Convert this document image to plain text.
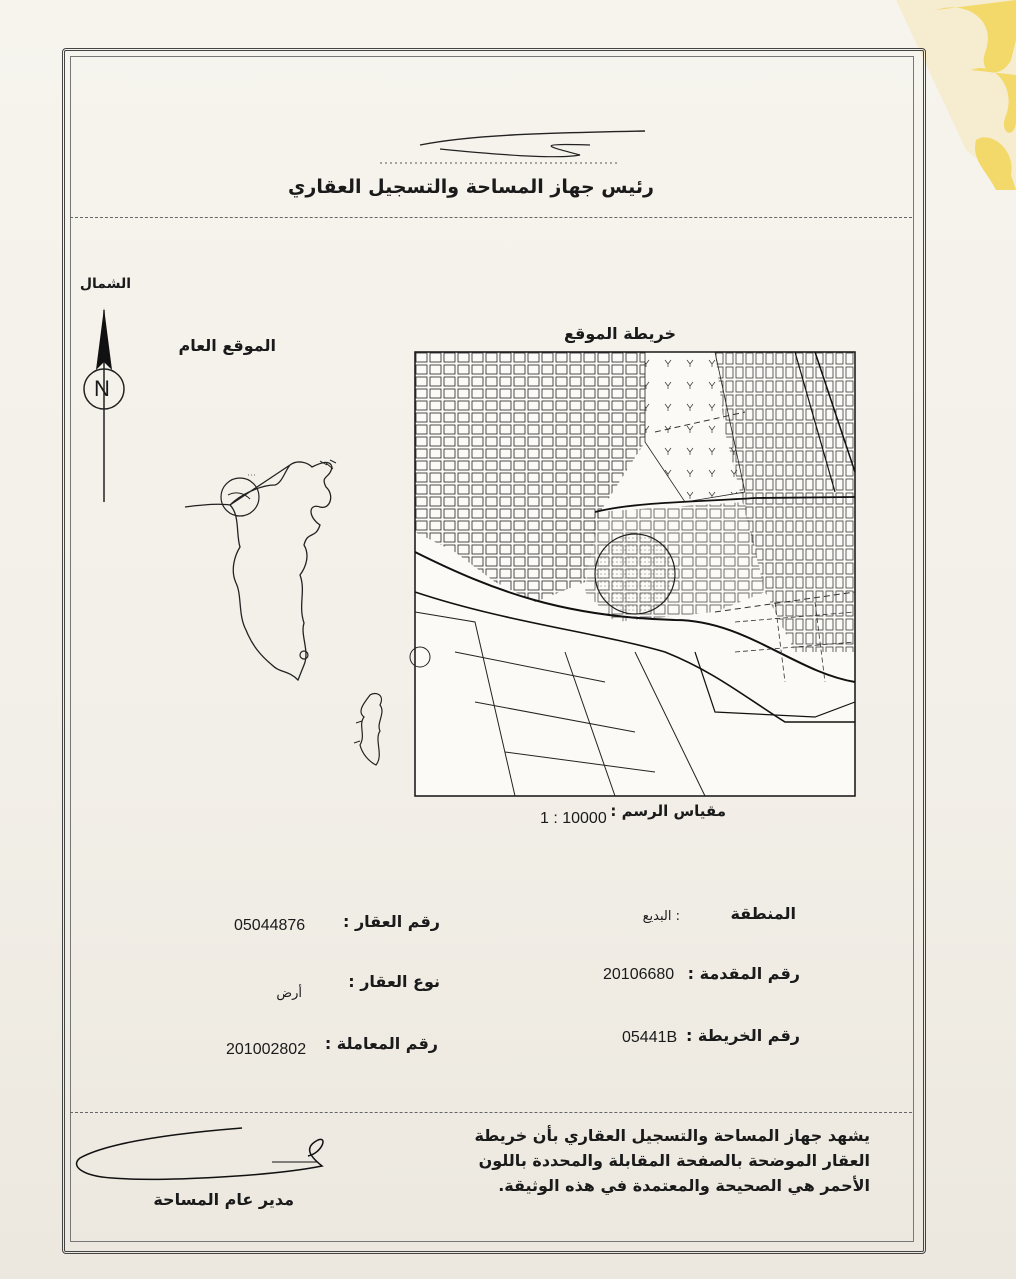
رئيس جهاز المساحة والتسجيل العقاري
الشمال
N
الموقع العام
خريطة الموقع
مقياس الرسم :
1 : 10000
المنطقة
: البديع
رقم المقدمة :
20106680
رقم الخريطة :
05441B
رقم العقار :
05044876
نوع العقار :
أرض
رقم المعاملة :
201002802
يشهد جهاز المساحة والتسجيل العقاري بأن خريطة
العقار الموضحة بالصفحة المقابلة والمحددة باللون
الأحمر هي الصحيحة والمعتمدة في هذه الوثيقة.
مدير عام المساحة
